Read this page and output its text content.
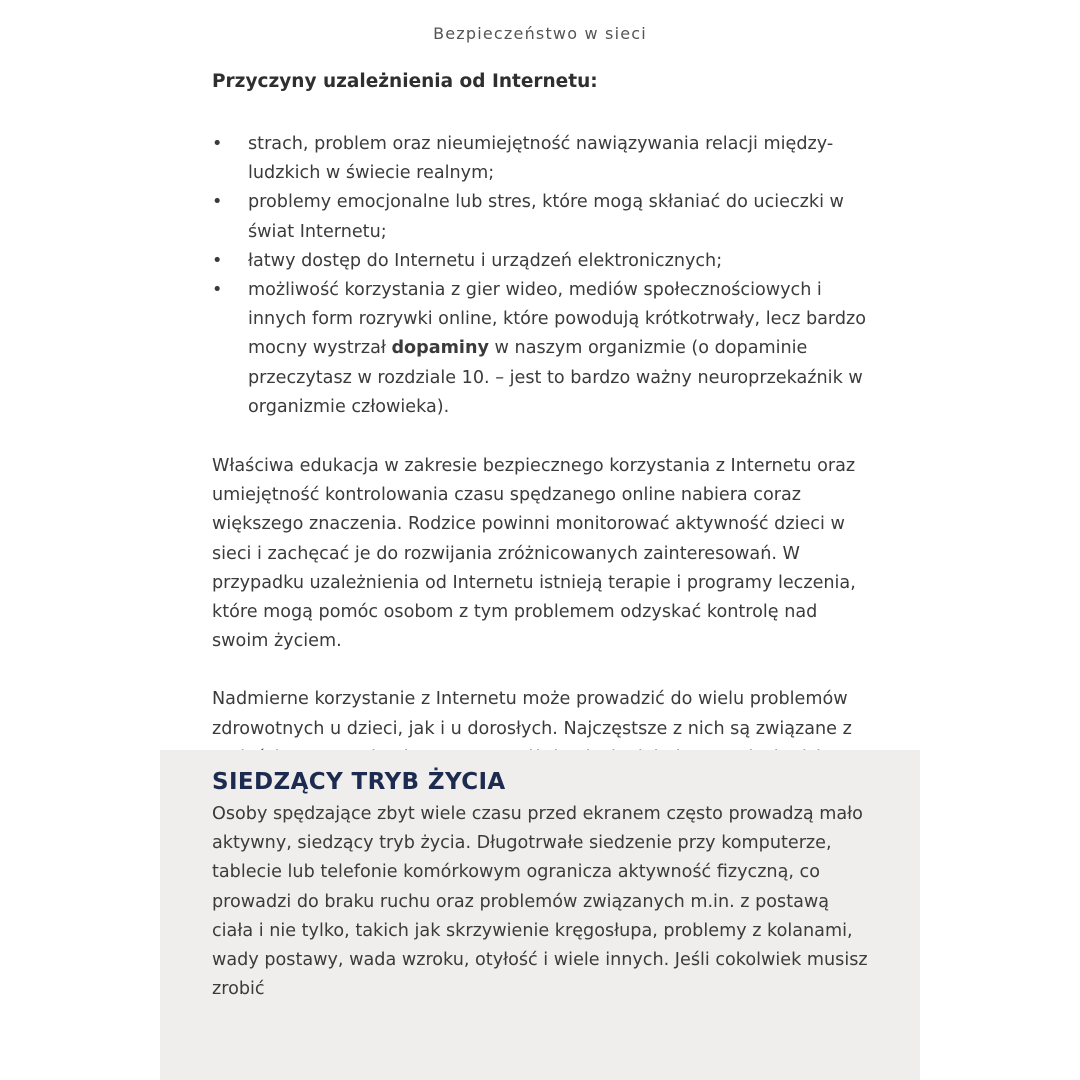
Bezpieczeństwo w sieci
Przyczyny uzależnienia od Internetu:
• strach, problem oraz nieumiejętność nawiązywania relacji między-ludzkich w świecie realnym;
• problemy emocjonalne lub stres, które mogą skłaniać do ucieczki w świat Internetu;
• łatwy dostęp do Internetu i urządzeń elektronicznych;
• możliwość korzystania z gier wideo, mediów społecznościowych i innych form rozrywki online, które powodują krótkotrwały, lecz bardzo mocny wystrzał dopaminy w naszym organizmie (o dopaminie przeczytasz w rozdziale 10. – jest to bardzo ważny neuroprzekaźnik w organizmie człowieka).

Właściwa edukacja w zakresie bezpiecznego korzystania z Internetu oraz umiejętność kontrolowania czasu spędzanego online nabiera coraz większego znaczenia. Rodzice powinni monitorować aktywność dzieci w sieci i zachęcać je do rozwijania zróżnicowanych zainteresowań. W przypadku uzależnienia od Internetu istnieją terapie i programy leczenia, które mogą pomóc osobom z tym problemem odzyskać kontrolę nad swoim życiem.

Nadmierne korzystanie z Internetu może prowadzić do wielu problemów zdrowotnych u dzieci, jak i u dorosłych. Najczęstsze z nich są związane z

SIEDZĄCY TRYB ŻYCIA

Osoby spędzające zbyt wiele czasu przed ekranem często prowadzą mało aktywny, siedzący tryb życia. Długotrwałe siedzenie przy komputerze, tablecie lub telefonie komórkowym ogranicza aktywność fizyczną, co prowadzi do braku ruchu oraz problemów związanych m.in. z postawą ciała i nie tylko, takich jak skrzywienie kręgosłupa, problemy z kolanami, wady postawy, wada wzroku, otyłość i wiele innych. Jeśli cokolwiek musisz zrobić
